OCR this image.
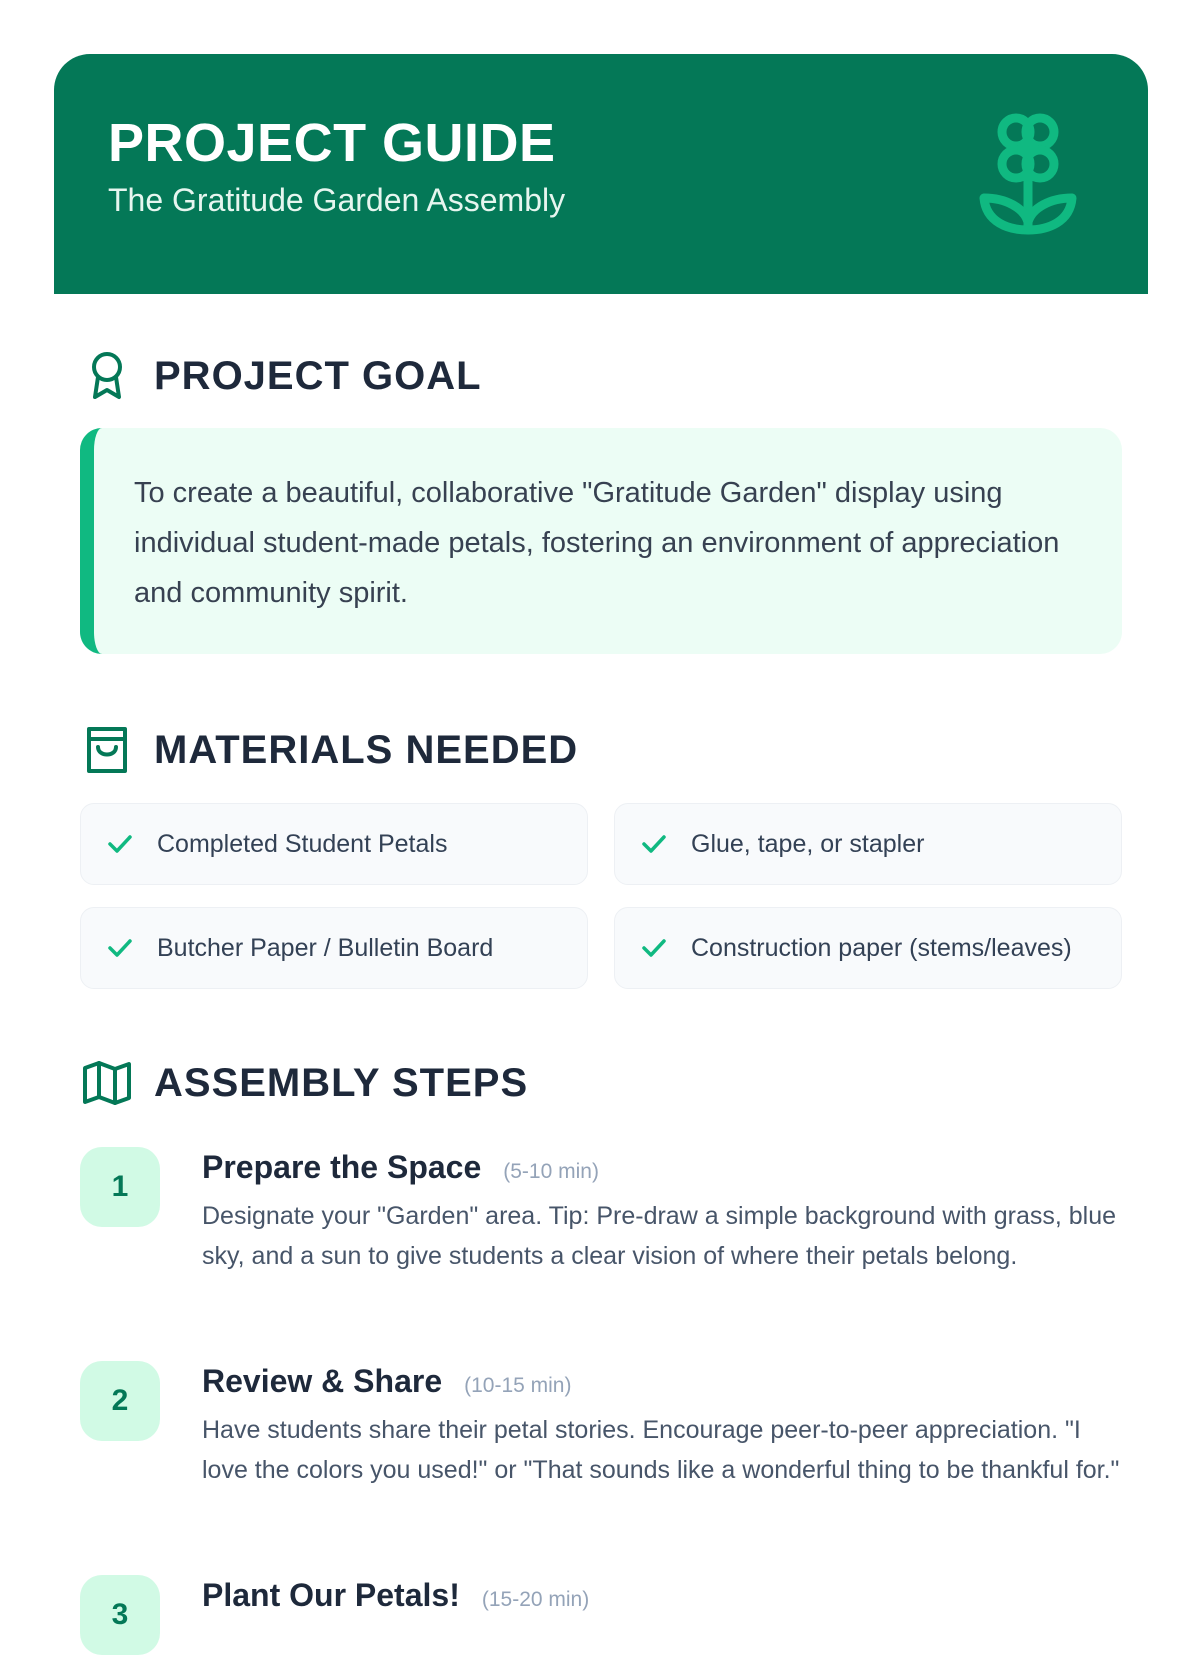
PROJECT GUIDE
The Gratitude Garden Assembly
PROJECT GOAL

To create a beautiful, collaborative "Gratitude Garden" display using individual student-made petals, fostering an environment of appreciation and community spirit.

MATERIALS NEEDED
Completed Student Petals	Glue, tape, or stapler
Butcher Paper / Bulletin Board	Construction paper (stems/leaves)
ASSEMBLY STEPS
1
Prepare the Space (5-10 min)

Designate your "Garden" area. Tip: Pre-draw a simple background with grass, blue sky, and a sun to give students a clear vision of where their petals belong.

2
Review & Share (10-15 min)

Have students share their petal stories. Encourage peer-to-peer appreciation. "I love the colors you used!" or "That sounds like a wonderful thing to be thankful for."

3
Plant Our Petals! (15-20 min)
